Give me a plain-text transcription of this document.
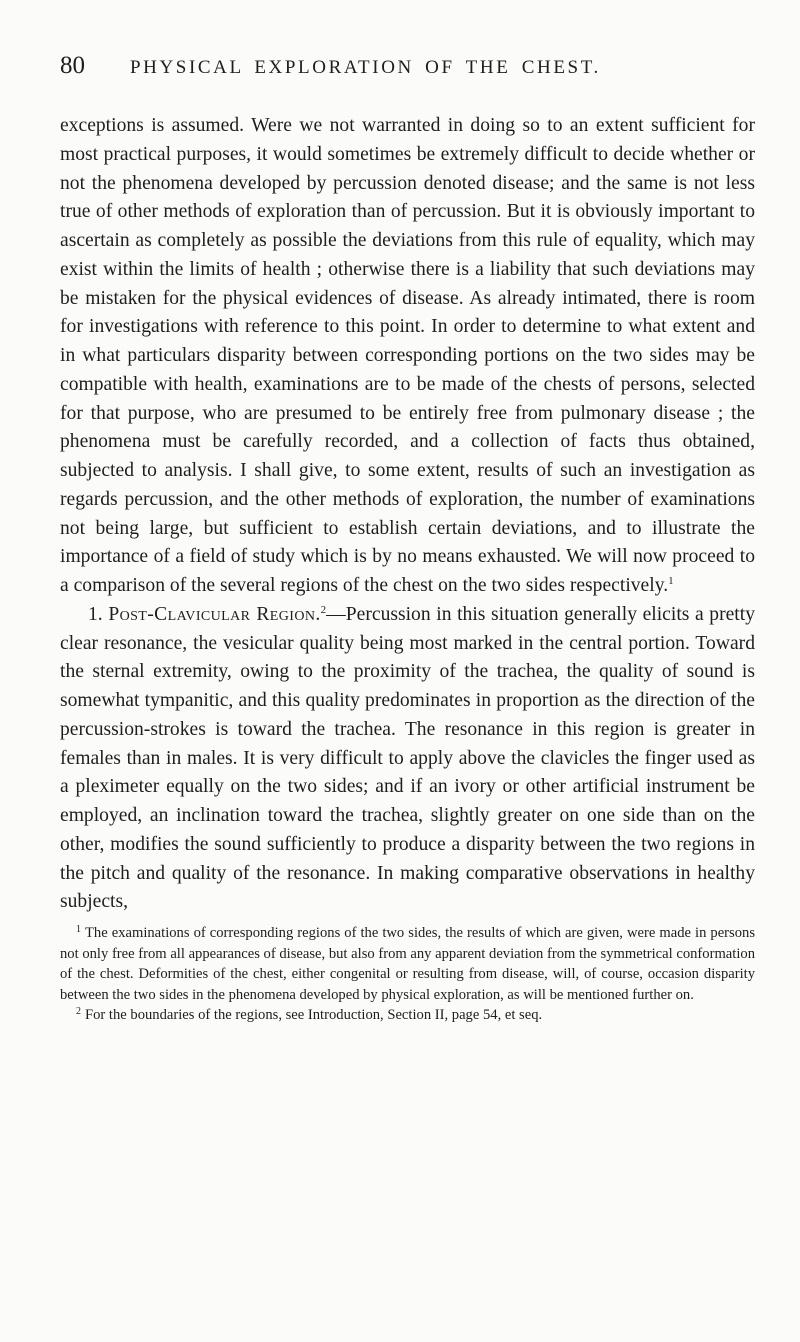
80	PHYSICAL EXPLORATION OF THE CHEST.

exceptions is assumed. Were we not warranted in doing so to an extent sufficient for most practical purposes, it would sometimes be extremely difficult to decide whether or not the phenomena developed by percussion denoted disease; and the same is not less true of other methods of exploration than of percussion. But it is obviously important to ascertain as completely as possible the deviations from this rule of equality, which may exist within the limits of health ; otherwise there is a liability that such deviations may be mistaken for the physical evidences of disease. As already intimated, there is room for investigations with reference to this point. In order to determine to what extent and in what particulars disparity between corresponding portions on the two sides may be compatible with health, examinations are to be made of the chests of persons, selected for that purpose, who are presumed to be entirely free from pulmonary disease ; the phenomena must be carefully recorded, and a collection of facts thus obtained, subjected to analysis. I shall give, to some extent, results of such an investigation as regards percussion, and the other methods of exploration, the number of examinations not being large, but sufficient to establish certain deviations, and to illustrate the importance of a field of study which is by no means exhausted. We will now proceed to a comparison of the several regions of the chest on the two sides respectively.$^1$

1. Post-Clavicular Region.$^2$—Percussion in this situation generally elicits a pretty clear resonance, the vesicular quality being most marked in the central portion. Toward the sternal extremity, owing to the proximity of the trachea, the quality of sound is somewhat tympanitic, and this quality predominates in proportion as the direction of the percussion-strokes is toward the trachea. The resonance in this region is greater in females than in males. It is very difficult to apply above the clavicles the finger used as a pleximeter equally on the two sides; and if an ivory or other artificial instrument be employed, an inclination toward the trachea, slightly greater on one side than on the other, modifies the sound sufficiently to produce a disparity between the two regions in the pitch and quality of the resonance. In making comparative observations in healthy subjects,

$^1$ The examinations of corresponding regions of the two sides, the results of which are given, were made in persons not only free from all appearances of disease, but also from any apparent deviation from the symmetrical conformation of the chest. Deformities of the chest, either congenital or resulting from disease, will, of course, occasion disparity between the two sides in the phenomena developed by physical exploration, as will be mentioned further on.

$^2$ For the boundaries of the regions, see Introduction, Section II, page 54, et seq.
